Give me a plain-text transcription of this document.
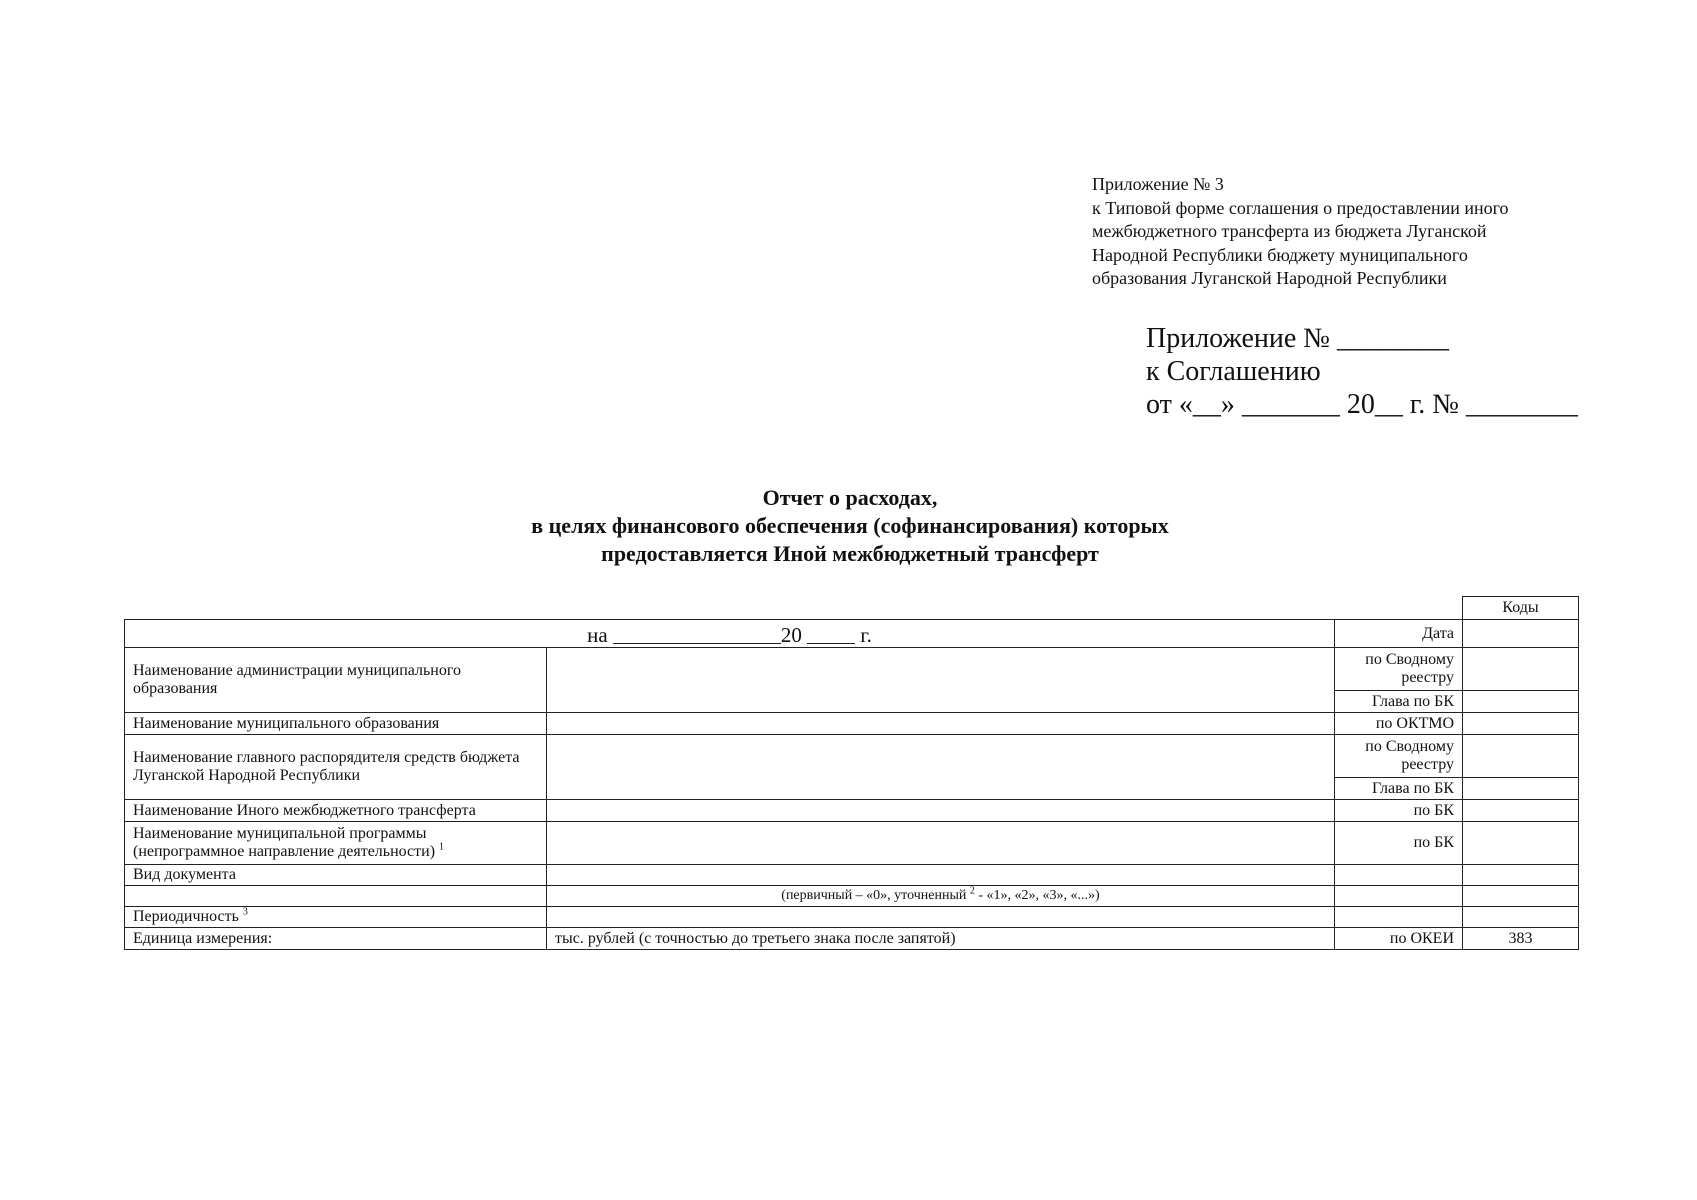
Приложение № 3
к Типовой форме соглашения о предоставлении иного
межбюджетного трансферта из бюджета Луганской
Народной Республики бюджету муниципального
образования Луганской Народной Республики
Приложение № ________
к Соглашению
от «__» _______ 20__ г. № ________
Отчет о расходах,
в целях финансового обеспечения (софинансирования) которых
предоставляется Иной межбюджетный трансферт
			Коды
на 20 г.		Дата	
Наименование администрации муниципального образования		по Сводному реестру	
		Глава по БК	
Наименование муниципального образования		по ОКТМО	
Наименование главного распорядителя средств бюджета Луганской Народной Республики		по Сводному реестру	
		Глава по БК	
Наименование Иного межбюджетного трансферта		по БК	
Наименование муниципальной программы
(непрограммное направление деятельности) $^1$		по БК	
Вид документа			
	(первичный – «0», уточненный $^2$ - «1», «2», «3», «...»)		
Периодичность $^3$			
Единица измерения:	тыс. рублей (с точностью до третьего знака после запятой)	по ОКЕИ	383
